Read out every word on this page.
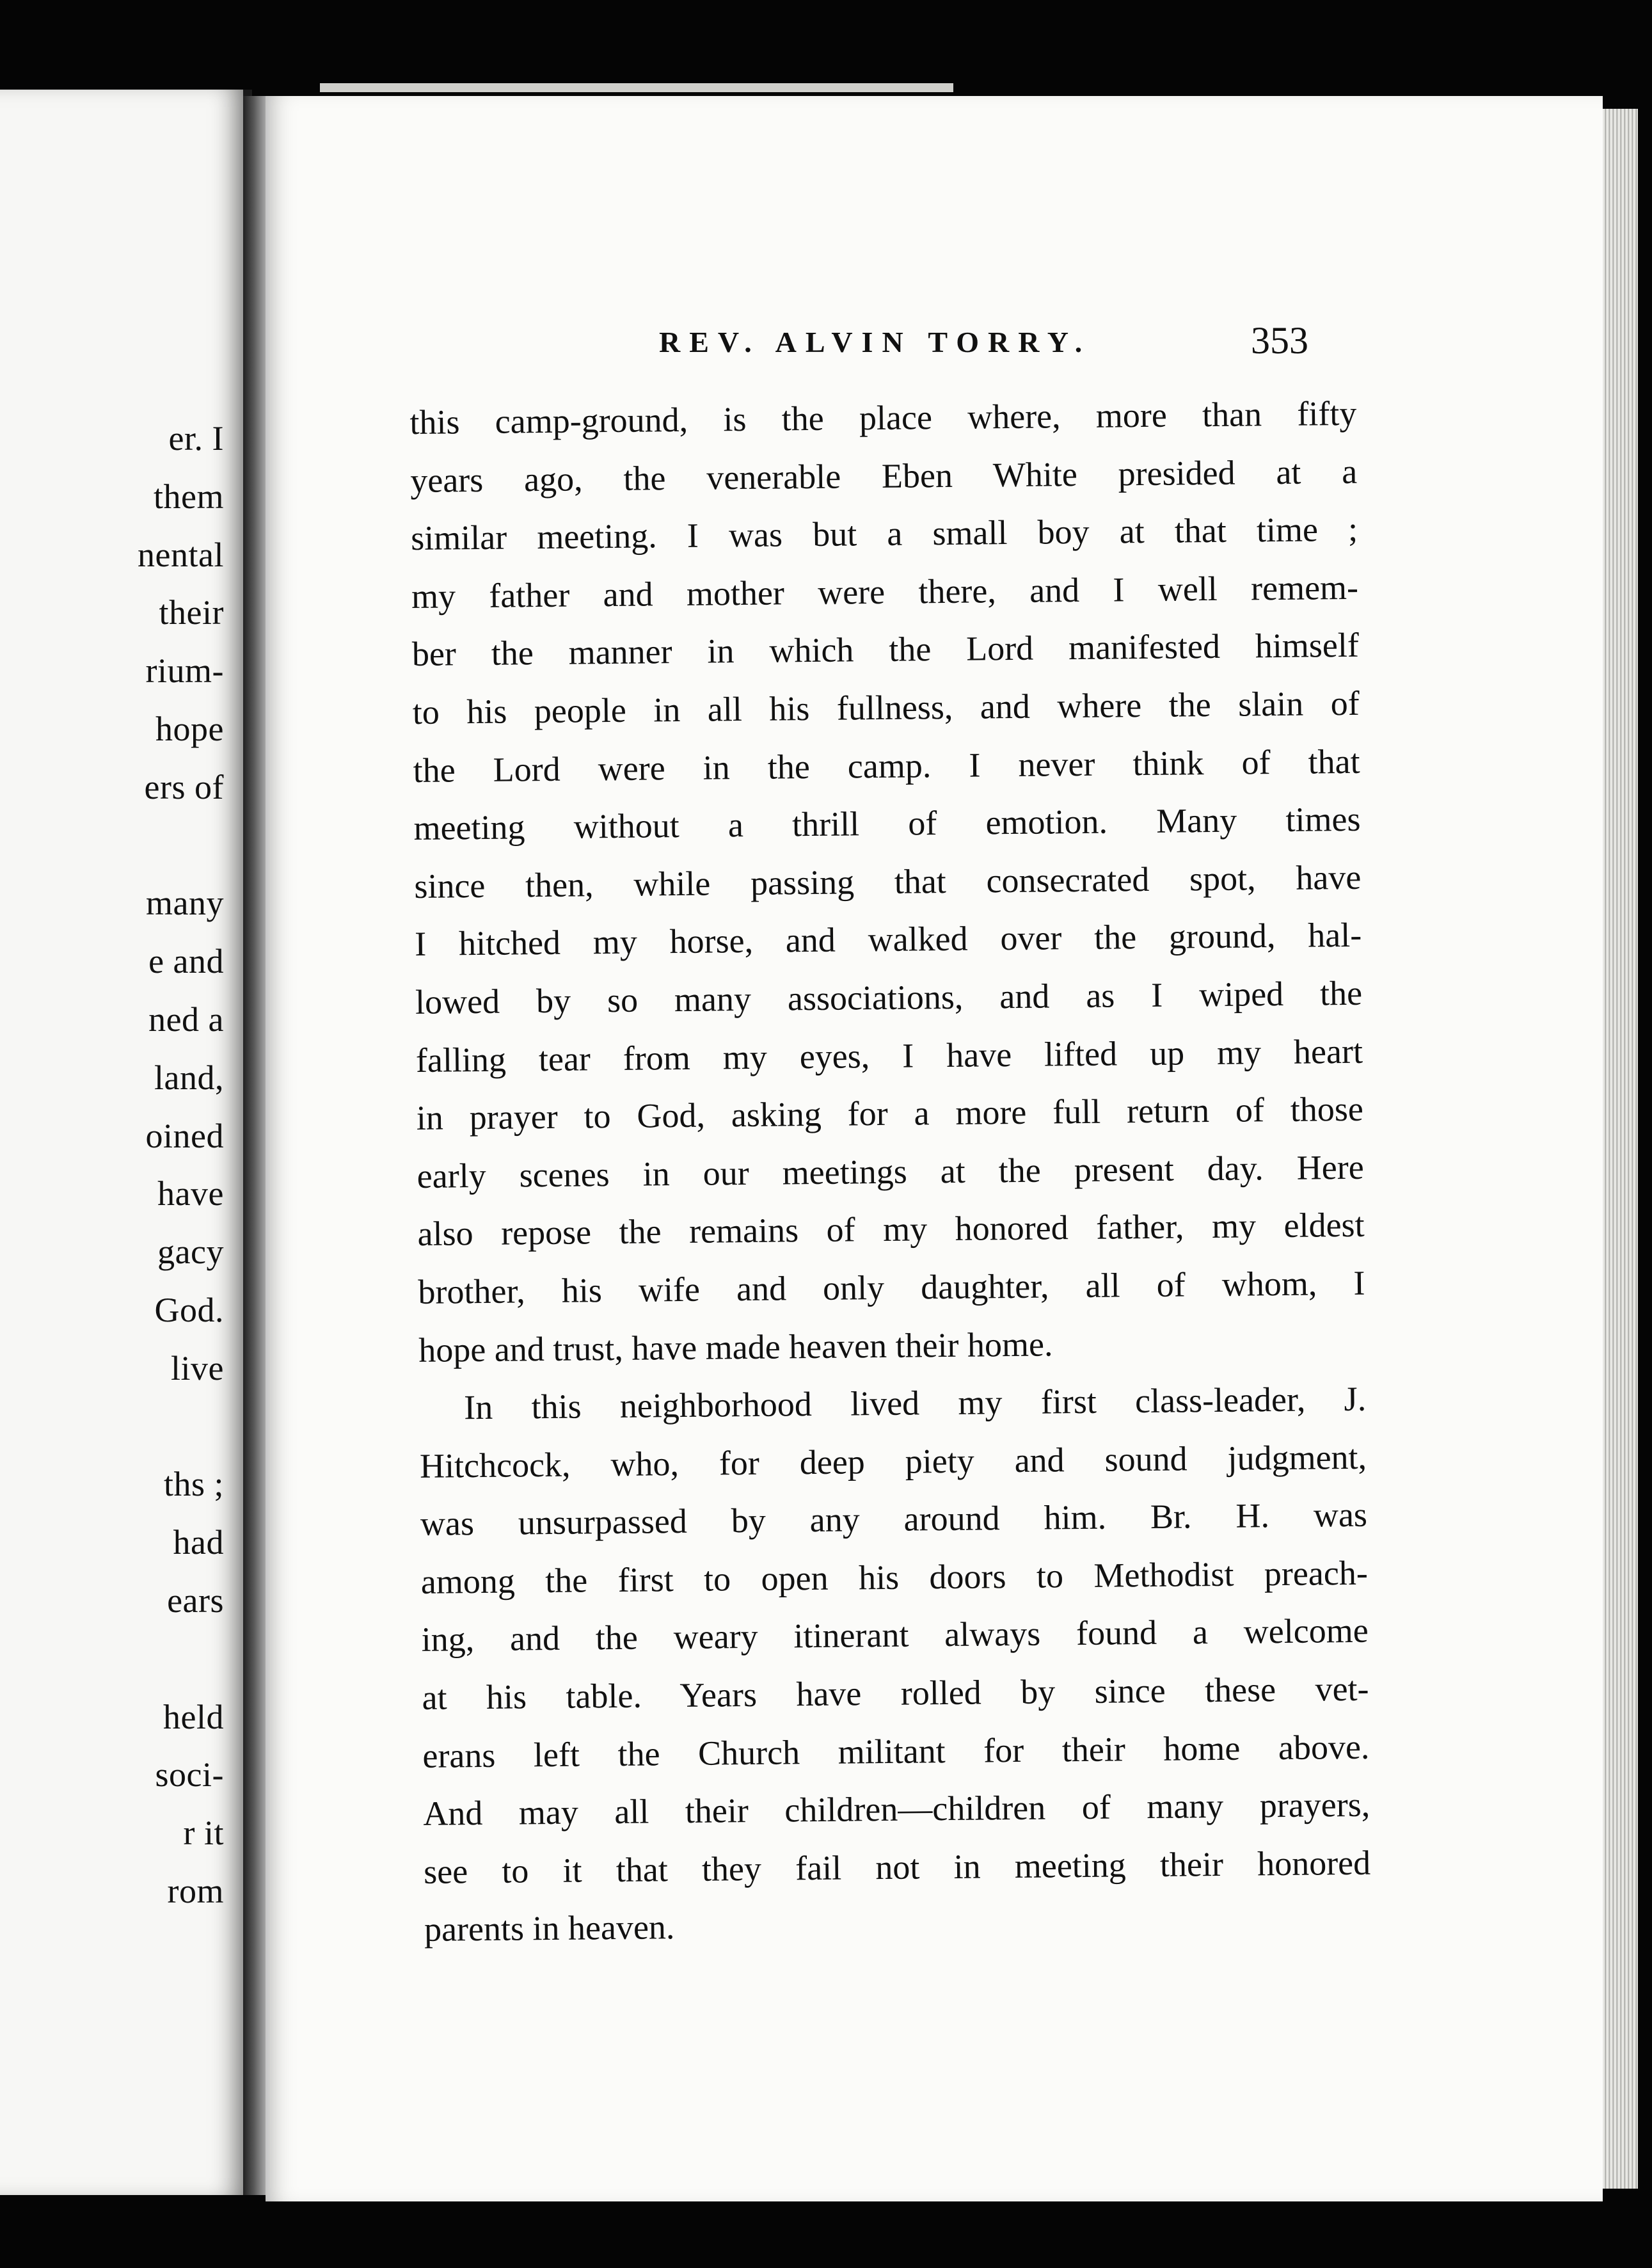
er. I
them
nental
their
rium-
hope
ers of
many
e and
ned a
land,
oined
have
gacy
God.
live
ths ;
had
ears
held
soci-
r it
rom
REV. ALVIN TORRY.	353
this camp-ground, is the place where, more than fifty
years ago, the venerable Eben White presided at a
similar meeting. I was but a small boy at that time ;
my father and mother were there, and I well remem-
ber the manner in which the Lord manifested himself
to his people in all his fullness, and where the slain of
the Lord were in the camp. I never think of that
meeting without a thrill of emotion. Many times
since then, while passing that consecrated spot, have
I hitched my horse, and walked over the ground, hal-
lowed by so many associations, and as I wiped the
falling tear from my eyes, I have lifted up my heart
in prayer to God, asking for a more full return of those
early scenes in our meetings at the present day. Here
also repose the remains of my honored father, my eldest
brother, his wife and only daughter, all of whom, I
hope and trust, have made heaven their home.
In this neighborhood lived my first class-leader, J.
Hitchcock, who, for deep piety and sound judgment,
was unsurpassed by any around him. Br. H. was
among the first to open his doors to Methodist preach-
ing, and the weary itinerant always found a welcome
at his table. Years have rolled by since these vet-
erans left the Church militant for their home above.
And may all their children—children of many prayers,
see to it that they fail not in meeting their honored
parents in heaven.
